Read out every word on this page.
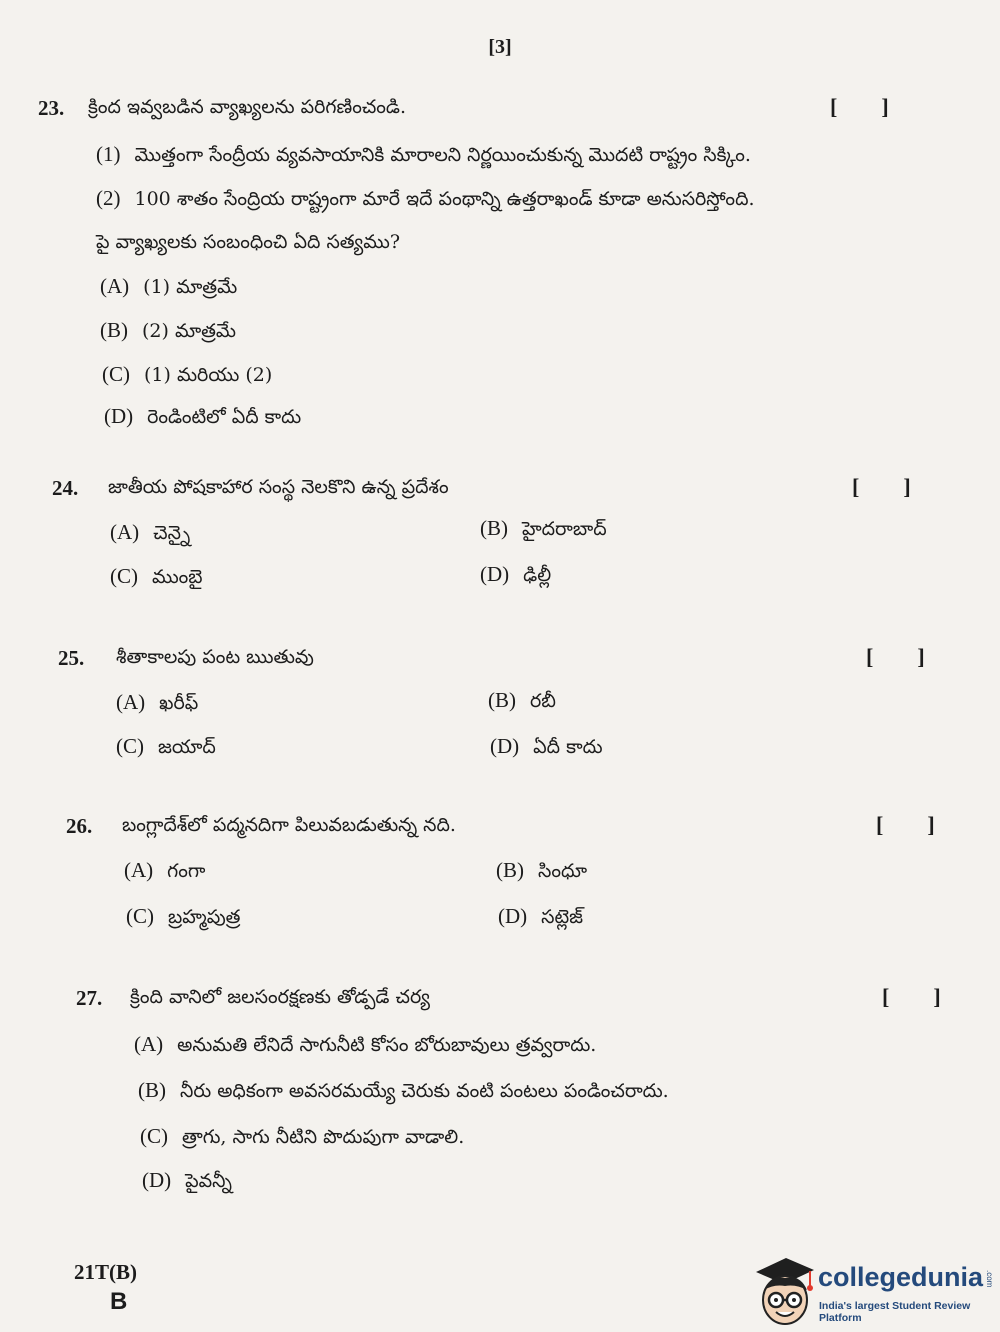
[3]
23. క్రింద ఇవ్వబడిన వ్యాఖ్యలను పరిగణించండి.	[        ]
(1) మొత్తంగా సేంద్రీయ వ్యవసాయానికి మారాలని నిర్ణయించుకున్న మొదటి రాష్ట్రం సిక్కిం.
(2) 100 శాతం సేంద్రియ రాష్ట్రంగా మారే ఇదే పంథాన్ని ఉత్తరాఖండ్ కూడా అనుసరిస్తోంది.
పై వ్యాఖ్యలకు సంబంధించి ఏది సత్యము?
(A) (1) మాత్రమే
(B) (2) మాత్రమే
(C) (1) మరియు (2)
(D) రెండింటిలో ఏదీ కాదు
24. జాతీయ పోషకాహార సంస్థ నెలకొని ఉన్న ప్రదేశం	[        ]
(A) చెన్నై	(B) హైదరాబాద్
(C) ముంబై	(D) ఢిల్లీ
25. శీతాకాలపు పంట ఋతువు	[        ]
(A) ఖరీఫ్	(B) రబీ
(C) జయాద్	(D) ఏదీ కాదు
26. బంగ్లాదేశ్‌లో పద్మనదిగా పిలువబడుతున్న నది.	[        ]
(A) గంగా	(B) సింధూ
(C) బ్రహ్మపుత్ర	(D) సట్లెజ్
27. క్రింది వానిలో జలసంరక్షణకు తోడ్పడే చర్య	[        ]
(A) అనుమతి లేనిదే సాగునీటి కోసం బోరుబావులు త్రవ్వరాదు.
(B) నీరు అధికంగా అవసరమయ్యే చెరుకు వంటి పంటలు పండించరాదు.
(C) త్రాగు, సాగు నీటిని పొదుపుగా వాడాలి.
(D) పైవన్నీ
21T(B)
B
collegedunia .com
India's largest Student Review Platform
